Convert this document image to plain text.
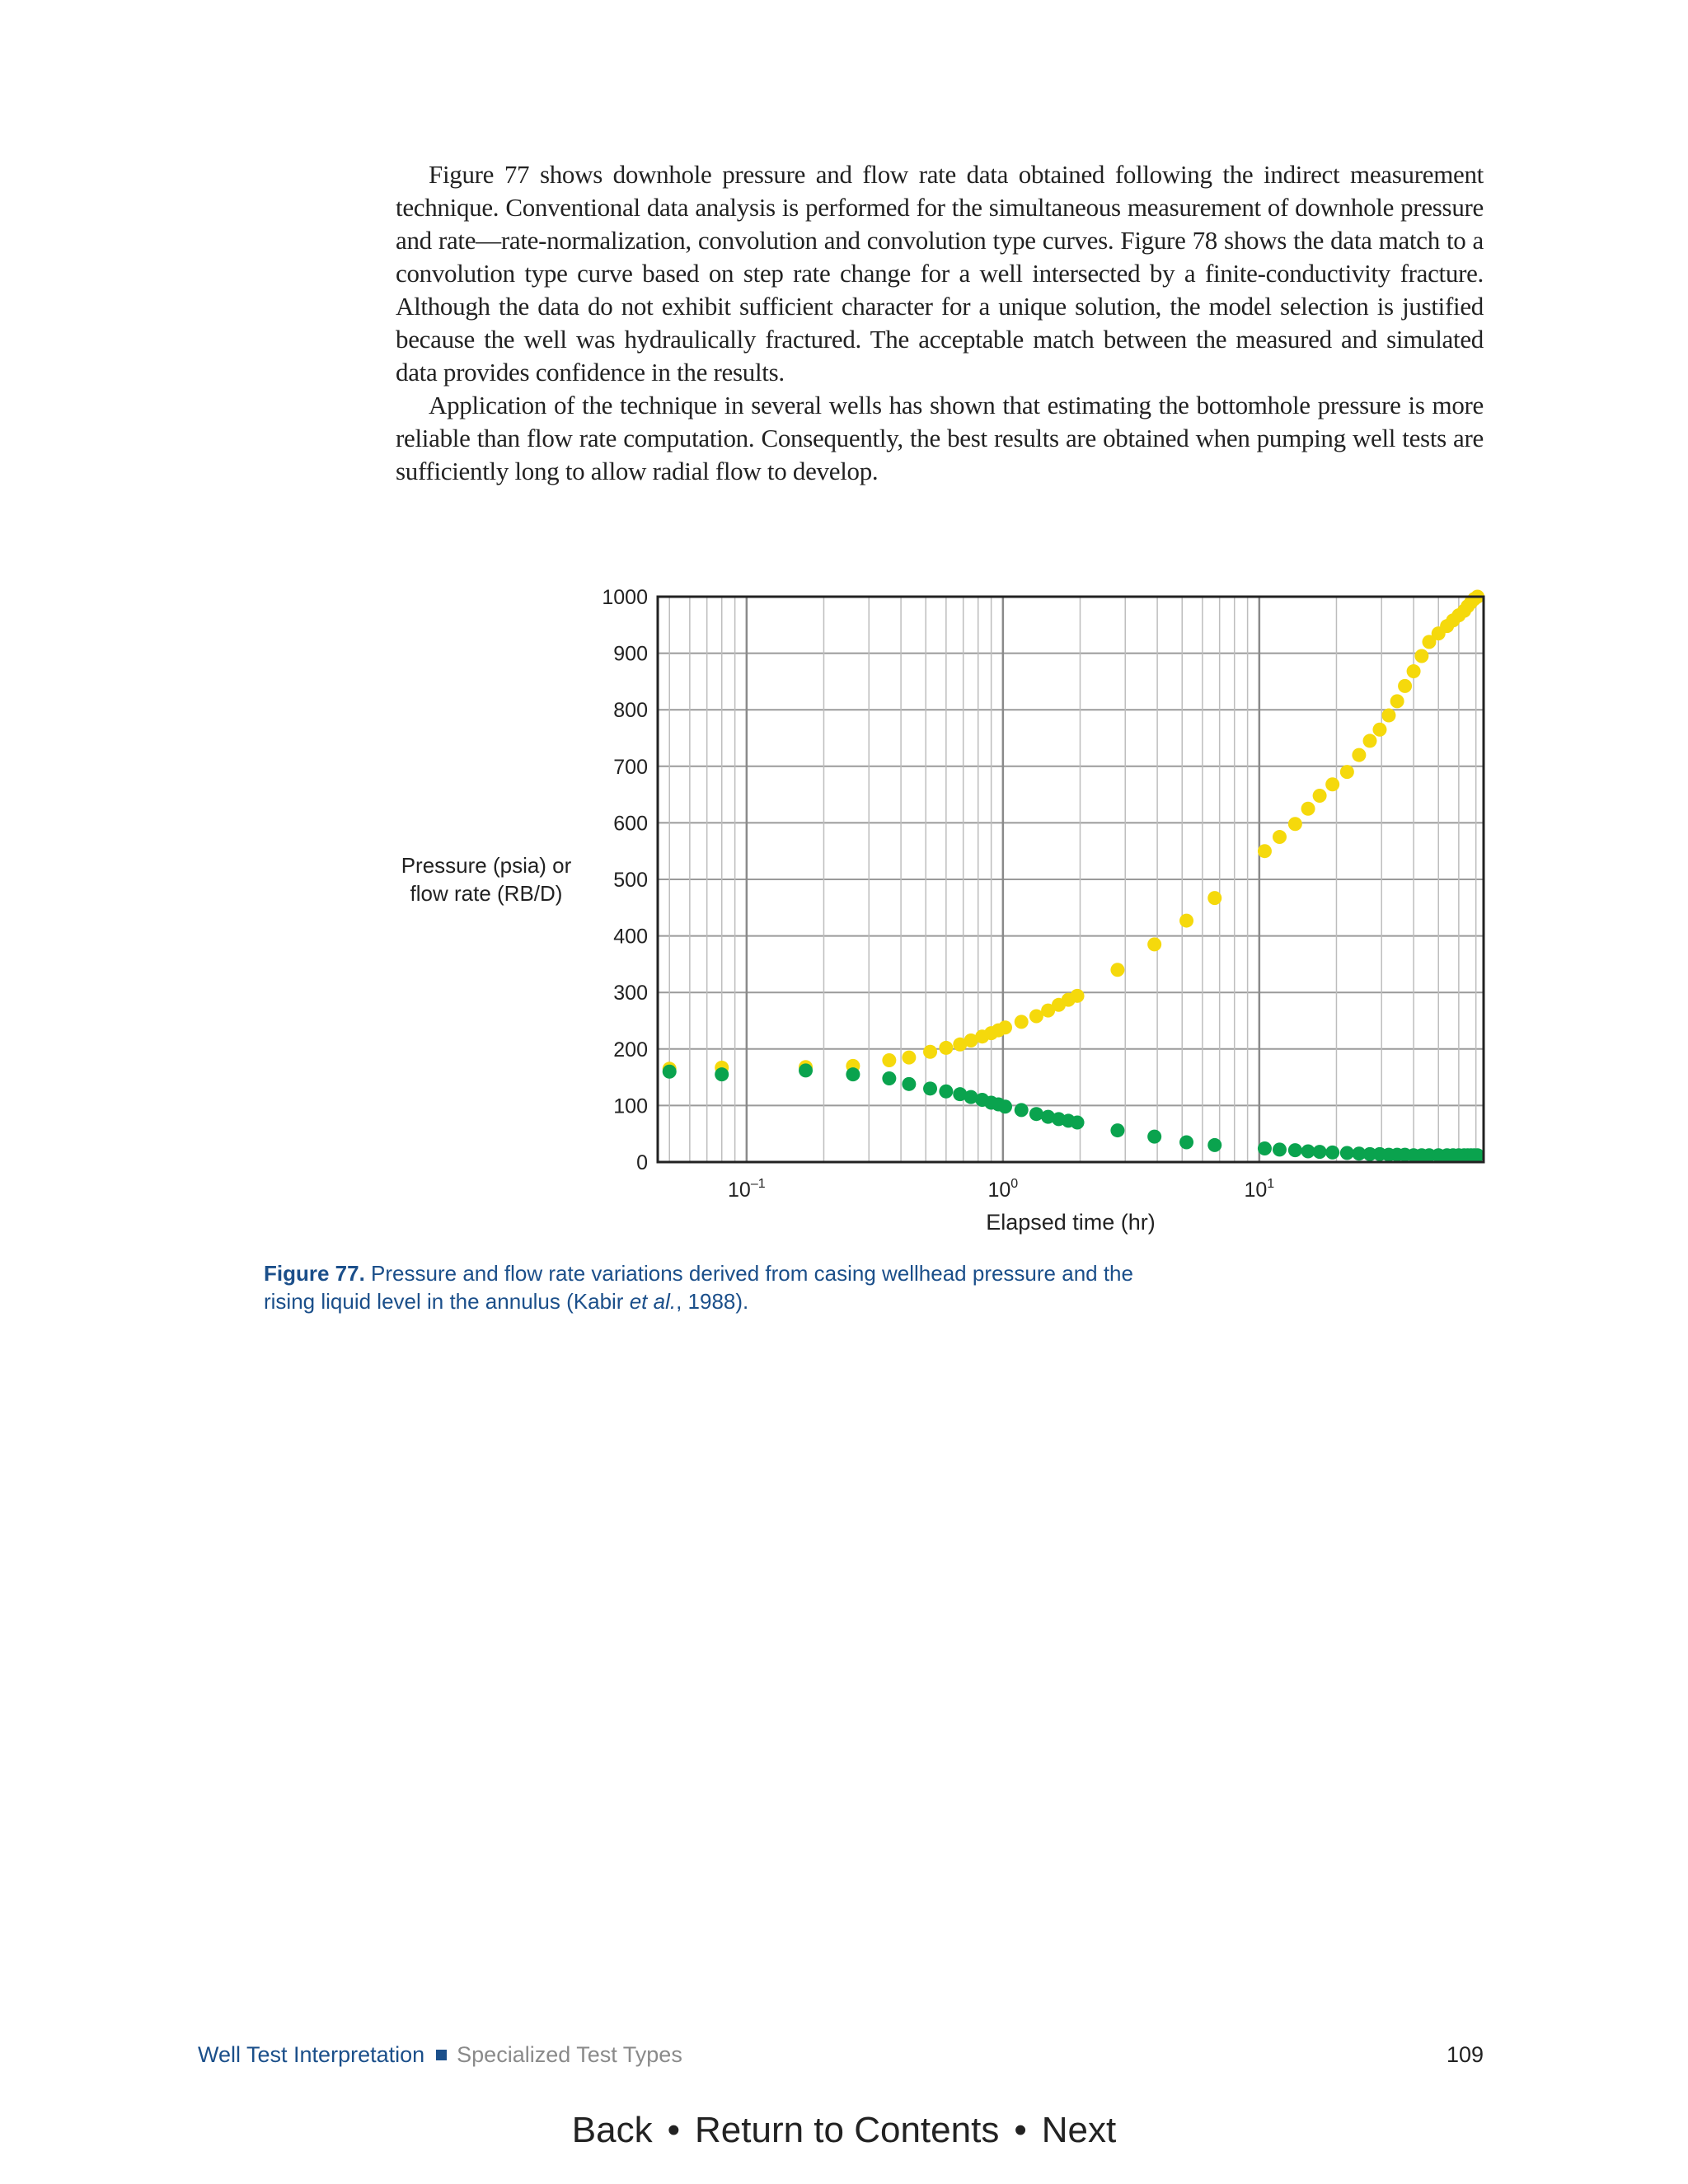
Figure 77 shows downhole pressure and flow rate data obtained following the indirect measurement technique. Conventional data analysis is performed for the simultaneous measurement of downhole pressure and rate—rate-normalization, convolution and convolution type curves. Figure 78 shows the data match to a convolution type curve based on step rate change for a well intersected by a finite-conductivity fracture. Although the data do not exhibit sufficient character for a unique solution, the model selection is justified because the well was hydraulically fractured. The acceptable match between the measured and simulated data provides confidence in the results.

Application of the technique in several wells has shown that estimating the bottomhole pressure is more reliable than flow rate computation. Consequently, the best results are obtained when pumping well tests are sufficiently long to allow radial flow to develop.

Pressure (psia) or
flow rate (RB/D)
0
100
200
300
400
500
600
700
800
900
1000
$10^{-1}$	$10^0$	$10^1$
Elapsed time (hr)
Figure 77. Pressure and flow rate variations derived from casing wellhead pressure and the rising liquid level in the annulus (Kabir et al., 1988).
Well Test Interpretation Specialized Test Types	109
Back • Return to Contents • Next
